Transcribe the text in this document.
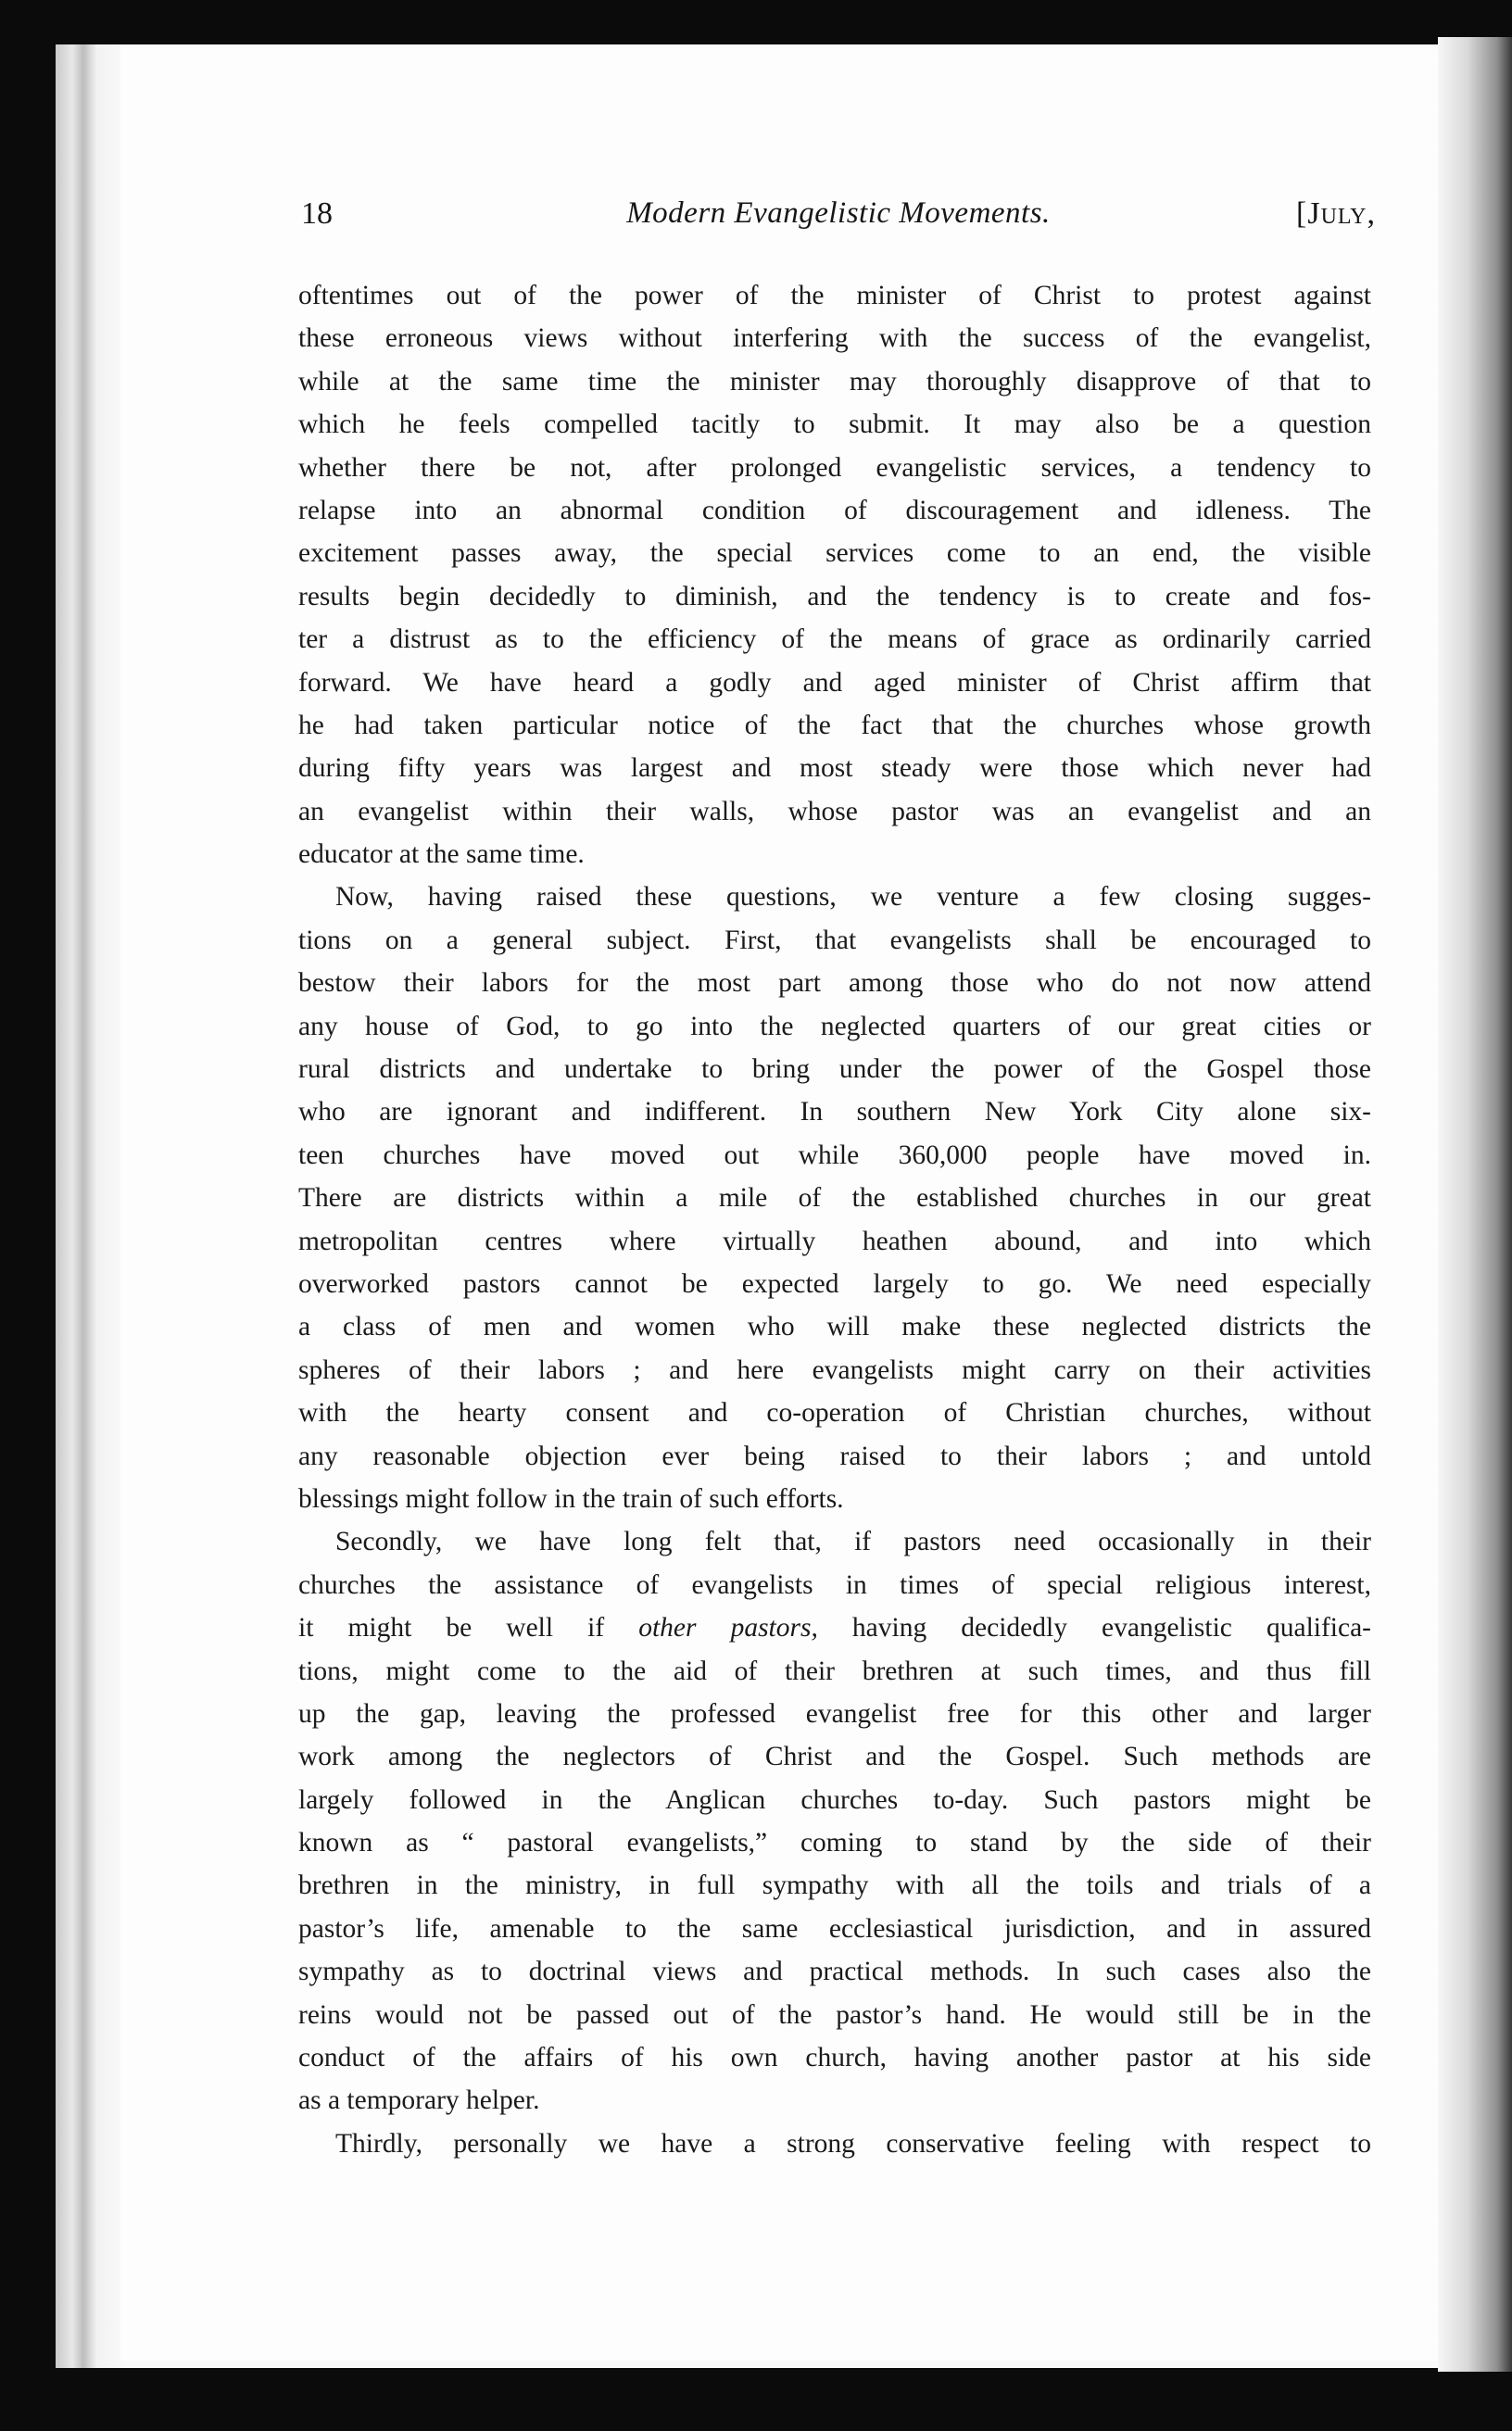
18	Modern Evangelistic Movements.	[July,
oftentimes out of the power of the minister of Christ to protest against
these erroneous views without interfering with the success of the evangelist,
while at the same time the minister may thoroughly disapprove of that to
which he feels compelled tacitly to submit. It may also be a question
whether there be not, after prolonged evangelistic services, a tendency to
relapse into an abnormal condition of discouragement and idleness. The
excitement passes away, the special services come to an end, the visible
results begin decidedly to diminish, and the tendency is to create and fos-
ter a distrust as to the efficiency of the means of grace as ordinarily carried
forward. We have heard a godly and aged minister of Christ affirm that
he had taken particular notice of the fact that the churches whose growth
during fifty years was largest and most steady were those which never had
an evangelist within their walls, whose pastor was an evangelist and an
educator at the same time.
Now, having raised these questions, we venture a few closing sugges-
tions on a general subject. First, that evangelists shall be encouraged to
bestow their labors for the most part among those who do not now attend
any house of God, to go into the neglected quarters of our great cities or
rural districts and undertake to bring under the power of the Gospel those
who are ignorant and indifferent. In southern New York City alone six-
teen churches have moved out while 360,000 people have moved in.
There are districts within a mile of the established churches in our great
metropolitan centres where virtually heathen abound, and into which
overworked pastors cannot be expected largely to go. We need especially
a class of men and women who will make these neglected districts the
spheres of their labors ; and here evangelists might carry on their activities
with the hearty consent and co-operation of Christian churches, without
any reasonable objection ever being raised to their labors ; and untold
blessings might follow in the train of such efforts.
Secondly, we have long felt that, if pastors need occasionally in their
churches the assistance of evangelists in times of special religious interest,
it might be well if other pastors, having decidedly evangelistic qualifica-
tions, might come to the aid of their brethren at such times, and thus fill
up the gap, leaving the professed evangelist free for this other and larger
work among the neglectors of Christ and the Gospel. Such methods are
largely followed in the Anglican churches to-day. Such pastors might be
known as “ pastoral evangelists,” coming to stand by the side of their
brethren in the ministry, in full sympathy with all the toils and trials of a
pastor’s life, amenable to the same ecclesiastical jurisdiction, and in assured
sympathy as to doctrinal views and practical methods. In such cases also the
reins would not be passed out of the pastor’s hand. He would still be in the
conduct of the affairs of his own church, having another pastor at his side
as a temporary helper.
Thirdly, personally we have a strong conservative feeling with respect to
